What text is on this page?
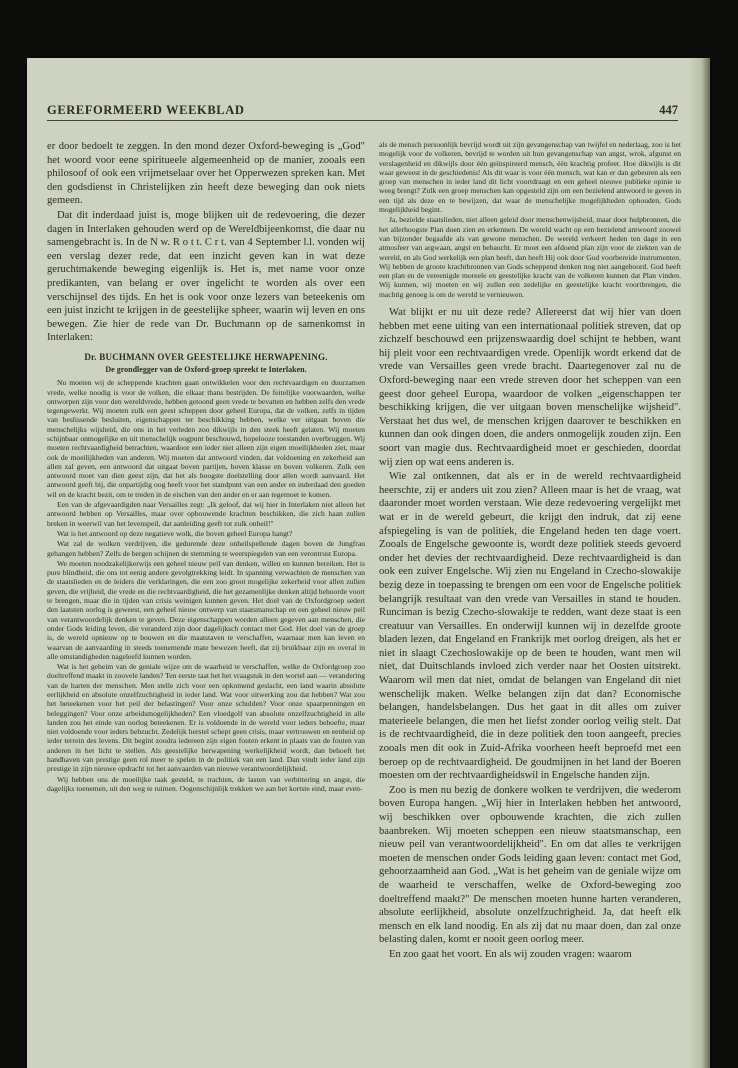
GEREFORMEERD WEEKBLAD	447

er door bedoelt te zeggen. In den mond dezer Oxford-beweging is „God" het woord voor eene spiritueele algemeenheid op de manier, zooals een philosoof of ook een vrijmetselaar over het Opperwezen spreken kan. Met den godsdienst in Christelijken zin heeft deze beweging dan ook niets gemeen.

Dat dit inderdaad juist is, moge blijken uit de redevoering, die dezer dagen in Interlaken gehouden werd op de Wereldbijeenkomst, die daar nu samengebracht is. In de N w. R o t t. C r t. van 4 September l.l. vonden wij een verslag dezer rede, dat een inzicht geven kan in wat deze geruchtmakende beweging eigenlijk is. Het is, met name voor onze predikanten, van belang er over ingelicht te worden als over een verschijnsel des tijds. En het is ook voor onze lezers van beteekenis om een juist inzicht te krijgen in de geestelijke spheer, waarin wij leven en ons bewegen. Zie hier de rede van Dr. Buchmann op de samenkomst in Interlaken:

Dr. BUCHMANN OVER GEESTELIJKE HERWAPENING.
De grondlegger van de Oxford-groep spreekt te Interlaken.

Nu moeten wij de scheppende krachten gaan ontwikkelen voor den rechtvaardigen en duurzamen vrede, welke noodig is voor de volken, die elkaar thans bestrijden. De feitelijke voorwaarden, welke ontworpen zijn voor den wereldvrede, hebben getoond geen vrede te bevatten en hebben zelfs den vrede tegengewerkt. Wij moeten zulk een geest scheppen door geheel Europa, dat de volken, zelfs in tijden van beslissende besluiten, eigenschappen ter beschikking hebben, welke ver uitgaan boven die menschelijks wijsheid, die ons in het verleden zoo dikwijls in den steek heeft gelaten. Wij moeten schijnbaar onmogelijke en uit menschelijk oogpunt beschouwd, hopelooze toestanden overbruggen. Wij moeten rechtvaardigheid betrachten, waardoor een ieder niet alleen zijn eigen moeilijkheden ziet, maar ook de moeilijkheden van anderen. Wij moeten dat antwoord vinden, dat voldoening en zekerheid aan allen zal geven, een antwoord dat uitgaat boven partijen, boven klasse en boven volkeren. Zulk een antwoord moet van dien geest zijn, dat het als hoogste doelstelling door allen wordt aanvaard. Het antwoord geeft bij, die onpartijdig oog heeft voor het standpunt van een ander en inderdaad den goeden wil en de kracht bezit, om te treden in de eischen van den ander en er aan tegemoet te komen.

Een van de afgevaardigden naar Versailles zegt: „Ik geloof, dat wij hier in Interlaken niet alleen het antwoord hebben op Versailles, maar over opbouwende krachten beschikken, die zich haan zullen breken in weerwil van het levenspeil, dat aanleiding geeft tot zulk onheil!"

Wat is het antwoord op deze negatieve wolk, die boven geheel Europa hangt?

Wat zal de wolken verdrijven, die gedurende deze onheilspellende dagen boven de Jungfrau gehangen hebben? Zelfs de bergen schijnen de stemming te weerspiegelen van een verontrust Europa.

We moeten noodzakelijkerwijs een geheel nieuw peil van denken, willen en kunnen bereiken. Het is pure blindheid, die ons tot eenig andere gevolgtrekking leidt. In spanning verwachten de menschen van de staatslieden en de leiders die verklaringen, die een zoo groot mogelijke zekerheid voor allen zullen geven, die vrijheid, die vrede en die rechtvaardigheid, die het gezamenlijke denken altijd behoorde voort te brengen, maar die in tijden van crisis weinigen kunnen geven. Het doel van de Oxfordgroep sedert den laatsten oorlog is geweest, een geheel nieuw ontwerp van staatsmanschap en een geheel nieuw peil van verantwoordelijk denken te geven. Deze eigenschappen worden alleen gegeven aan menschen, die onder Gods leiding leven, die veranderd zijn door dagelijksch contact met God. Het doel van de groep is, de wereld opnieuw op te bouwen en die maatstaven te verschaffen, waarnaar men kan leven en waarvan de aanvaarding in steeds toenemende mate bewezen heeft, dat zij bruikbaar zijn en overal in alle omstandigheden nageleefd kunnen worden.

Wat is het geheim van de geniale wijze om de waarheid te verschaffen, welke de Oxfordgroep zoo doeltreffend maakt in zoovele landen? Ten eerste taat het het vraagstuk in den wortel aan — verandering van de harten der menschen. Men stelle zich voor een opkomend geslacht, een land waarin absolute eerlijkheid en absolute onzelfzuchtigheid in ieder land. Wat voor uitwerking zou dat hebben? Wat zou het beteekenen voor het peil der belastingen? Voor onze schulden? Voor onze spaarpenningen en beleggingen? Voor onze arbeidsmogelijkheden? Een vloedgolf van absolute onzelfzuchtigheid in alle landen zou het einde van oorlog beteekenen. Er is voldoende in de wereld voor ieders behoefte, maar niet voldoende voor ieders hebzucht. Zedelijk herstel schept geen crisis, maar vertrouwen en eenheid op ieder terrein des levens. Dit begint zoodra iedereen zijn eigen fouten erkent in plaats van de fouten van anderen in het licht te stellen. Als geestelijke herwapening werkelijkheid wordt, dan behoeft het handhaven van prestige geen rol meer te spelen in de politiek van een land. Dan vindt ieder land zijn prestige in zijn nieuwe opdracht tot het aanvaarden van nieuwe verantwoordelijkheid.

Wij hebben ons de moeilijke taak gesteld, te trachten, de lasten van verbittering en angst, die dagelijks toenemen, uit den weg te ruimen. Oogenschijnlijk trekken we aan het kortste eind, maar even-

als de mensch persoonlijk bevrijd wordt uit zijn gevangenschap van twijfel en nederlaag, zoo is het mogelijk voor de volkeren, bevrijd te worden uit hun gevangenschap van angst, wrok, afgunst en verslagenheid en dikwijls door één geïnspireerd mensch, één krachtig profeet. Hoe dikwijls is dit waar geweest in de geschiedenis! Als dit waar is voor één mensch, wat kan er dan gebeuren als een groep van menschen in ieder land dit licht voortdraagt en een geheel nieuwe publieke opinie te weeg brengt? Zulk een groep menschen kan opgesteld zijn om een bezielend antwoord te geven in een tijd als deze en te bewijzen, dat waar de menschelijke mogelijkheden ophouden, Gods mogelijkheid begint.

Ja, bezielde staatslieden, niet alleen geleid door menschenwijsheid, maar door hulpbronnen, die het allerhoogste Plan doen zien en erkennen. De wereld wacht op een bezielend antwoord zoowel van bijzonder begaafde als van gewone menschen. De wereld verkeert heden ten dage in een atmosfeer van argwaan, angst en bebaucht. Er moet een afdoend plan zijn voor de ziekten van de wereld, en als God werkelijk een plan heeft, dan heeft Hij ook door God voorbereide instrumenten. Wij hebben de groote krachtbronnen van Gods scheppend denken nog niet aangeboord. God heeft een plan en de vereenigde moreele en geestelijke kracht van de volkeren kunnen dat Plan vinden. Wij kunnen, wij moeten en wij zullen een zedelijke en geestelijke kracht voortbrengen, die machtig genoeg is om de wereld te vernieuwen.

Wat blijkt er nu uit deze rede? Allereerst dat wij hier van doen hebben met eene uiting van een internationaal politiek streven, dat op zichzelf beschouwd een prijzenswaardig doel schijnt te hebben, want hij pleit voor een rechtvaardigen vrede. Openlijk wordt erkend dat de vrede van Versailles geen vrede bracht. Daartegenover zal nu de Oxford-beweging naar een vrede streven door het scheppen van een geest door geheel Europa, waardoor de volken „eigenschappen ter beschikking krijgen, die ver uitgaan boven menschelijke wijsheid". Verstaat het dus wel, de menschen krijgen daarover te beschikken en kunnen dan ook dingen doen, die anders onmogelijk zouden zijn. Een soort van magie dus. Rechtvaardigheid moet er geschieden, doordat wij zien op wat eens anderen is.

Wie zal ontkennen, dat als er in de wereld rechtvaardigheid heerschte, zij er anders uit zou zien? Alleen maar is het de vraag, wat daaronder moet worden verstaan. Wie deze redevoering vergelijkt met wat er in de wereld gebeurt, die krijgt den indruk, dat zij eene afspiegeling is van de politiek, die Engeland heden ten dage voert. Zooals de Engelsche gewoonte is, wordt deze politiek steeds gevoerd onder het devies der rechtvaardigheid. Deze rechtvaardigheid is dan ook een zuiver Engelsche. Wij zien nu Engeland in Czecho-slowakije bezig deze in toepassing te brengen om een voor de Engelsche politiek belangrijk resultaat van den vrede van Versailles in stand te houden. Runciman is bezig Czecho-slowakije te redden, want deze staat is een creatuur van Versailles. En onderwijl kunnen wij in dezelfde groote bladen lezen, dat Engeland en Frankrijk met oorlog dreigen, als het er niet in slaagt Czechoslowakije op de been te houden, want men wil niet, dat Duitschlands invloed zich verder naar het Oosten uitstrekt. Waarom wil men dat niet, omdat de belangen van Engeland dit niet wenschelijk maken. Welke belangen zijn dat dan? Economische belangen, handelsbelangen. Dus het gaat in dit alles om zuiver materieele belangen, die men het liefst zonder oorlog veilig stelt. Dat is de rechtvaardigheid, die in deze politiek den toon aangeeft, precies zooals men dit ook in Zuid-Afrika voorheen heeft beproefd met een beroep op de rechtvaardigheid. De goudmijnen in het land der Boeren moesten om der rechtvaardigheidswil in Engelsche handen zijn.

Zoo is men nu bezig de donkere wolken te verdrijven, die wederom boven Europa hangen. „Wij hier in Interlaken hebben het antwoord, wij beschikken over opbouwende krachten, die zich zullen baanbreken. Wij moeten scheppen een nieuw staatsmanschap, een nieuw peil van verantwoordelijkheid". En om dat alles te verkrijgen moeten de menschen onder Gods leiding gaan leven: contact met God, gehoorzaamheid aan God. „Wat is het geheim van de geniale wijze om de waarheid te verschaffen, welke de Oxford-beweging zoo doeltreffend maakt?" De menschen moeten hunne harten veranderen, absolute eerlijkheid, absolute onzelfzuchtigheid. Ja, dat heeft elk mensch en elk land noodig. En als zij dat nu maar doen, dan zal onze belasting dalen, komt er nooit geen oorlog meer.

En zoo gaat het voort. En als wij zouden vragen: waarom
